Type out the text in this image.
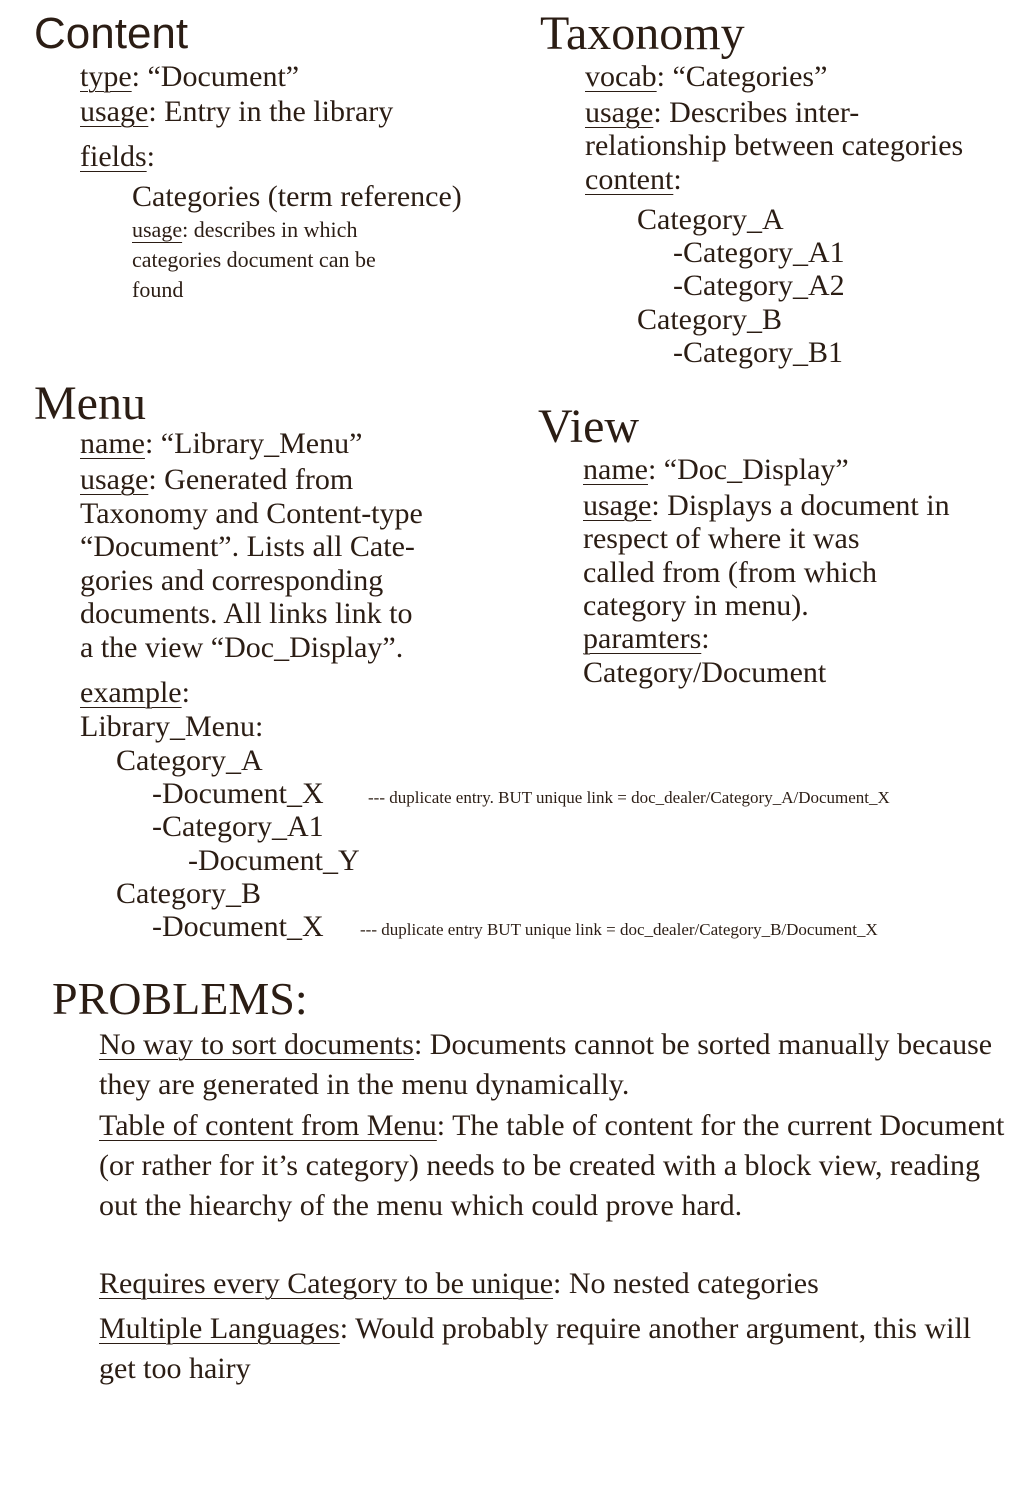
Content
type: “Document”
usage: Entry in the library
fields:
Categories (term reference)
usage: describes in which
categories document can be
found
Taxonomy
vocab: “Categories”
usage: Describes inter-
relationship between categories
content:
Category_A
-Category_A1
-Category_A2
Category_B
-Category_B1
Menu
name: “Library_Menu”
usage: Generated from
Taxonomy and Content-type
“Document”. Lists all Cate-
gories and corresponding
documents. All links link to
a the view “Doc_Display”.
example:
Library_Menu:
Category_A
-Document_X	--- duplicate entry. BUT unique link = doc_dealer/Category_A/Document_X
-Category_A1
-Document_Y
Category_B
-Document_X --- duplicate entry BUT unique link = doc_dealer/Category_B/Document_X
View
name: “Doc_Display”
usage: Displays a document in
respect of where it was
called from (from which
category in menu).
paramters:
Category/Document
PROBLEMS:
No way to sort documents: Documents cannot be sorted manually because they are generated in the menu dynamically.
Table of content from Menu: The table of content for the current Document (or rather for it’s category) needs to be created with a block view, reading out the hiearchy of the menu which could prove hard.
Requires every Category to be unique: No nested categories
Multiple Languages: Would probably require another argument, this will get too hairy
